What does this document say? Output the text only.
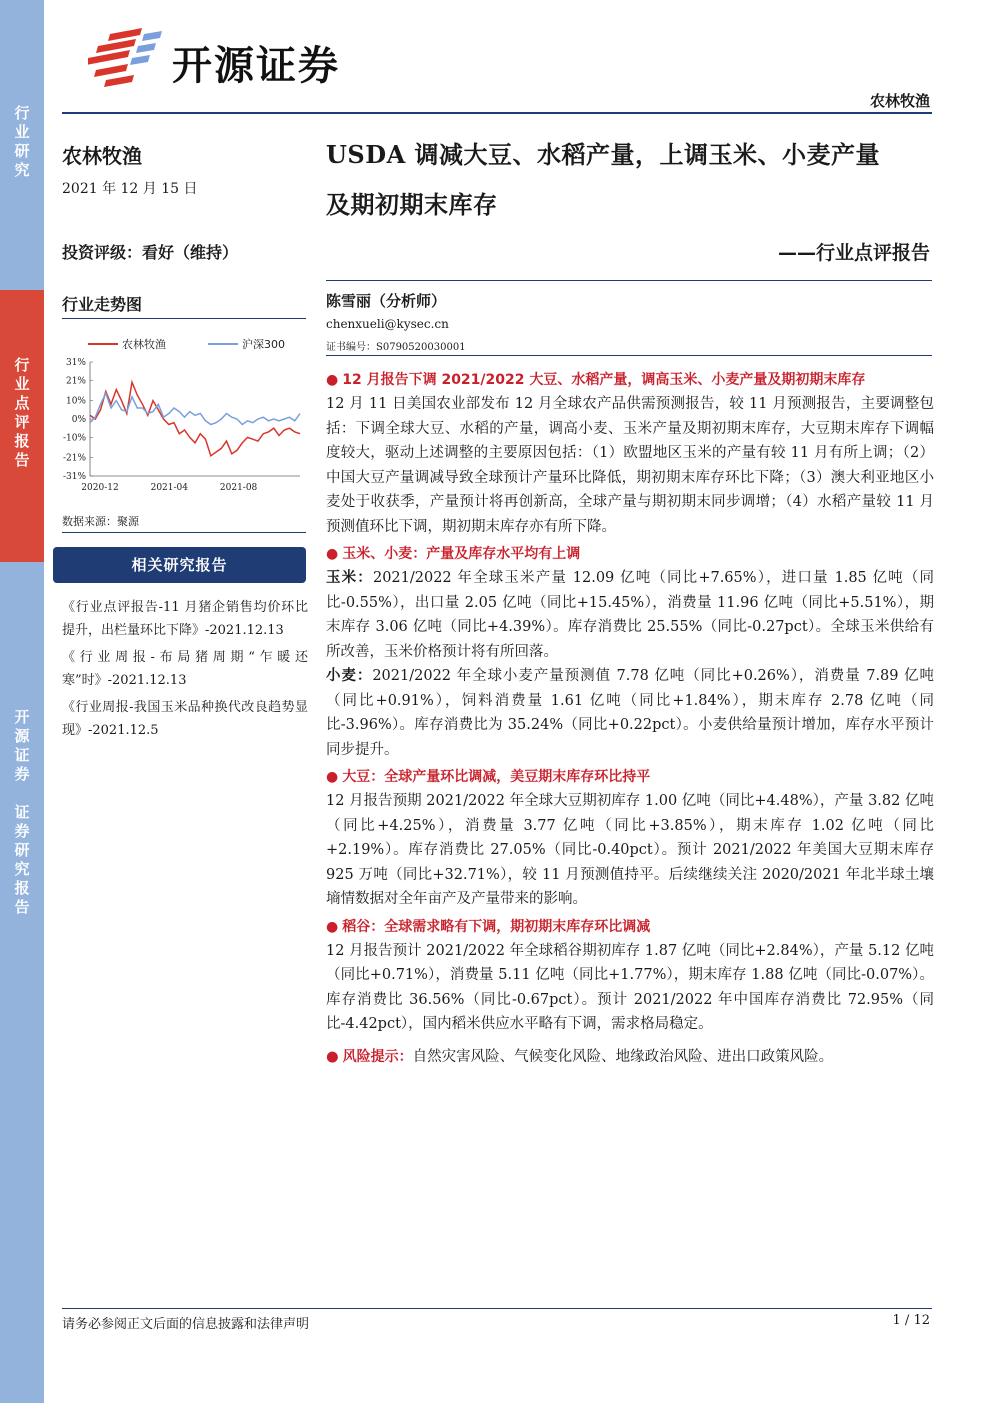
行
业
研
究
行
业
点
评
报
告
开
源
证
券

证
券
研
究
报
告
开源证券
农林牧渔
农林牧渔
2021 年 12 月 15 日
投资评级：看好（维持）
行业走势图
农林牧渔	沪深300
31%
21%
10%
0%
-10%
-21%
-31%
2020-12	2021-04	2021-08
数据来源：聚源
相关研究报告

《行业点评报告-11 月猪企销售均价环比提升，出栏量环比下降》-2021.12.13

《行业周报-布局猪周期“乍暖还寒”时》-2021.12.13

《行业周报-我国玉米品种换代改良趋势显现》-2021.12.5

USDA 调减大豆、水稻产量，上调玉米、小麦产量
及期初期末库存
——行业点评报告
陈雪丽（分析师）
chenxueli@kysec.cn
证书编号：S0790520030001
● 12 月报告下调 2021/2022 大豆、水稻产量，调高玉米、小麦产量及期初期末库存

12 月 11 日美国农业部发布 12 月全球农产品供需预测报告，较 11 月预测报告，主要调整包括：下调全球大豆、水稻的产量，调高小麦、玉米产量及期初期末库存，大豆期末库存下调幅度较大，驱动上述调整的主要原因包括：（1）欧盟地区玉米的产量有较 11 月有所上调；（2）中国大豆产量调减导致全球预计产量环比降低，期初期末库存环比下降；（3）澳大利亚地区小麦处于收获季，产量预计将再创新高，全球产量与期初期末同步调增；（4）水稻产量较 11 月预测值环比下调，期初期末库存亦有所下降。

● 玉米、小麦：产量及库存水平均有上调

玉米：2021/2022 年全球玉米产量 12.09 亿吨（同比+7.65%），进口量 1.85 亿吨（同比-0.55%），出口量 2.05 亿吨（同比+15.45%），消费量 11.96 亿吨（同比+5.51%），期末库存 3.06 亿吨（同比+4.39%）。库存消费比 25.55%（同比-0.27pct）。全球玉米供给有所改善，玉米价格预计将有所回落。

小麦：2021/2022 年全球小麦产量预测值 7.78 亿吨（同比+0.26%），消费量 7.89 亿吨（同比+0.91%），饲料消费量 1.61 亿吨（同比+1.84%），期末库存 2.78 亿吨（同比-3.96%）。库存消费比为 35.24%（同比+0.22pct）。小麦供给量预计增加，库存水平预计同步提升。

● 大豆：全球产量环比调减，美豆期末库存环比持平

12 月报告预期 2021/2022 年全球大豆期初库存 1.00 亿吨（同比+4.48%），产量 3.82 亿吨（同比+4.25%），消费量 3.77 亿吨（同比+3.85%），期末库存 1.02 亿吨（同比+2.19%）。库存消费比 27.05%（同比-0.40pct）。预计 2021/2022 年美国大豆期末库存 925 万吨（同比+32.71%），较 11 月预测值持平。后续继续关注 2020/2021 年北半球土壤墒情数据对全年亩产及产量带来的影响。

● 稻谷：全球需求略有下调，期初期末库存环比调减

12 月报告预计 2021/2022 年全球稻谷期初库存 1.87 亿吨（同比+2.84%），产量 5.12 亿吨（同比+0.71%），消费量 5.11 亿吨（同比+1.77%），期末库存 1.88 亿吨（同比-0.07%）。库存消费比 36.56%（同比-0.67pct）。预计 2021/2022 年中国库存消费比 72.95%（同比-4.42pct），国内稻米供应水平略有下调，需求格局稳定。

● 风险提示：自然灾害风险、气候变化风险、地缘政治风险、进出口政策风险。

请务必参阅正文后面的信息披露和法律声明	1 / 12
